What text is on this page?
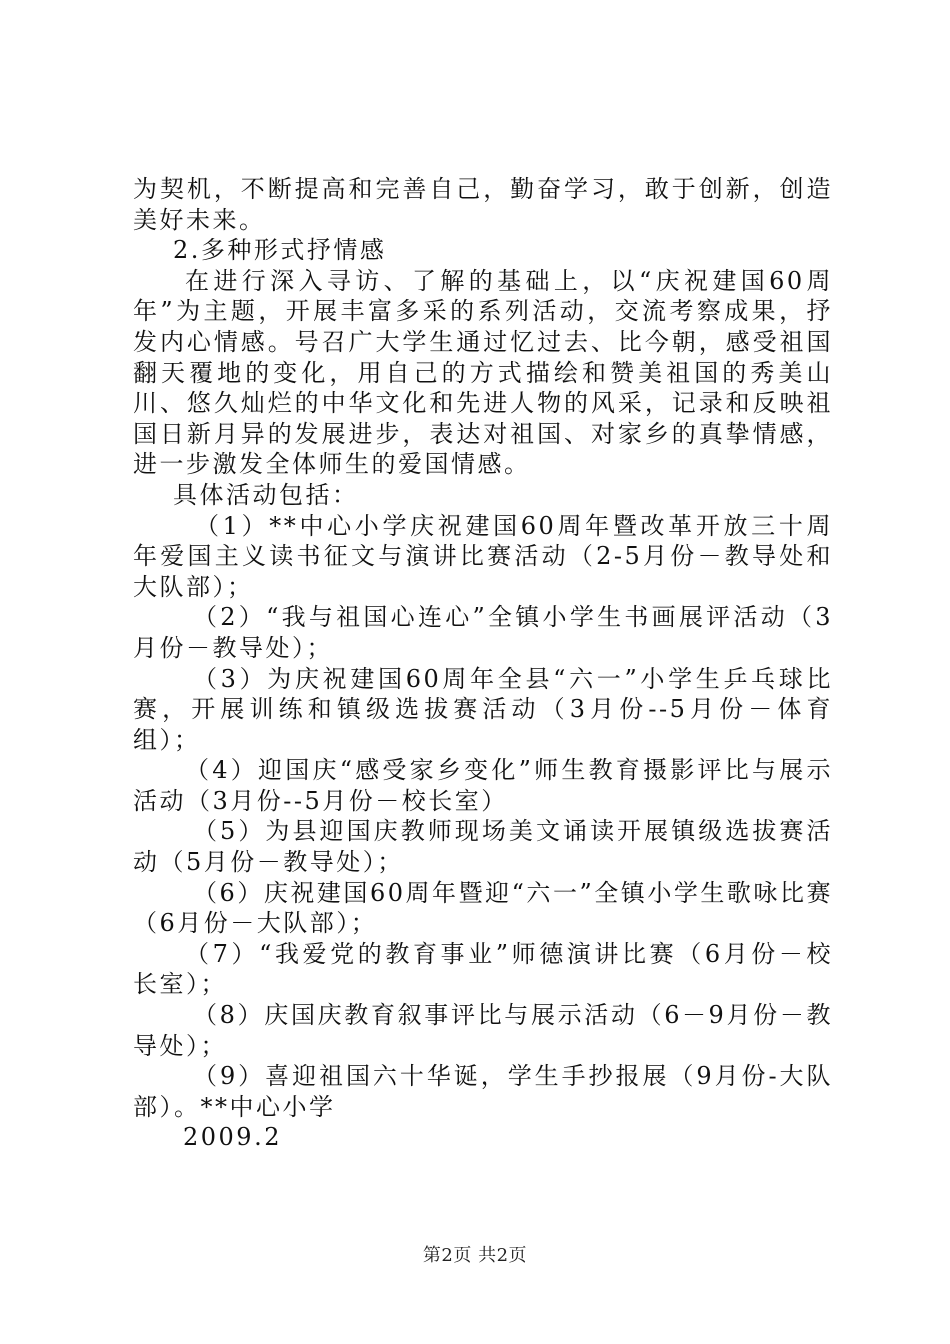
为契机，不断提高和完善自己，勤奋学习，敢于创新，创造美好未来。

2.多种形式抒情感

在进行深入寻访、了解的基础上，以“庆祝建国60周年”为主题，开展丰富多采的系列活动，交流考察成果，抒发内心情感。号召广大学生通过忆过去、比今朝，感受祖国翻天覆地的变化，用自己的方式描绘和赞美祖国的秀美山川、悠久灿烂的中华文化和先进人物的风采，记录和反映祖国日新月异的发展进步，表达对祖国、对家乡的真挚情感，进一步激发全体师生的爱国情感。

具体活动包括：

（1）**中心小学庆祝建国60周年暨改革开放三十周年爱国主义读书征文与演讲比赛活动（2-5月份－教导处和大队部）；

（2）“我与祖国心连心”全镇小学生书画展评活动（3月份－教导处）；

（3）为庆祝建国60周年全县“六一”小学生乒乓球比赛，开展训练和镇级选拔赛活动（3月份--5月份－体育组）；

（4）迎国庆“感受家乡变化”师生教育摄影评比与展示活动（3月份--5月份－校长室）

（5）为县迎国庆教师现场美文诵读开展镇级选拔赛活动（5月份－教导处）；

（6）庆祝建国60周年暨迎“六一”全镇小学生歌咏比赛（6月份－大队部）；

（7）“我爱党的教育事业”师德演讲比赛（6月份－校长室）；

（8）庆国庆教育叙事评比与展示活动（6－9月份－教导处）；

（9）喜迎祖国六十华诞，学生手抄报展（9月份-大队部）。**中心小学

2009.2

第2页 共2页
